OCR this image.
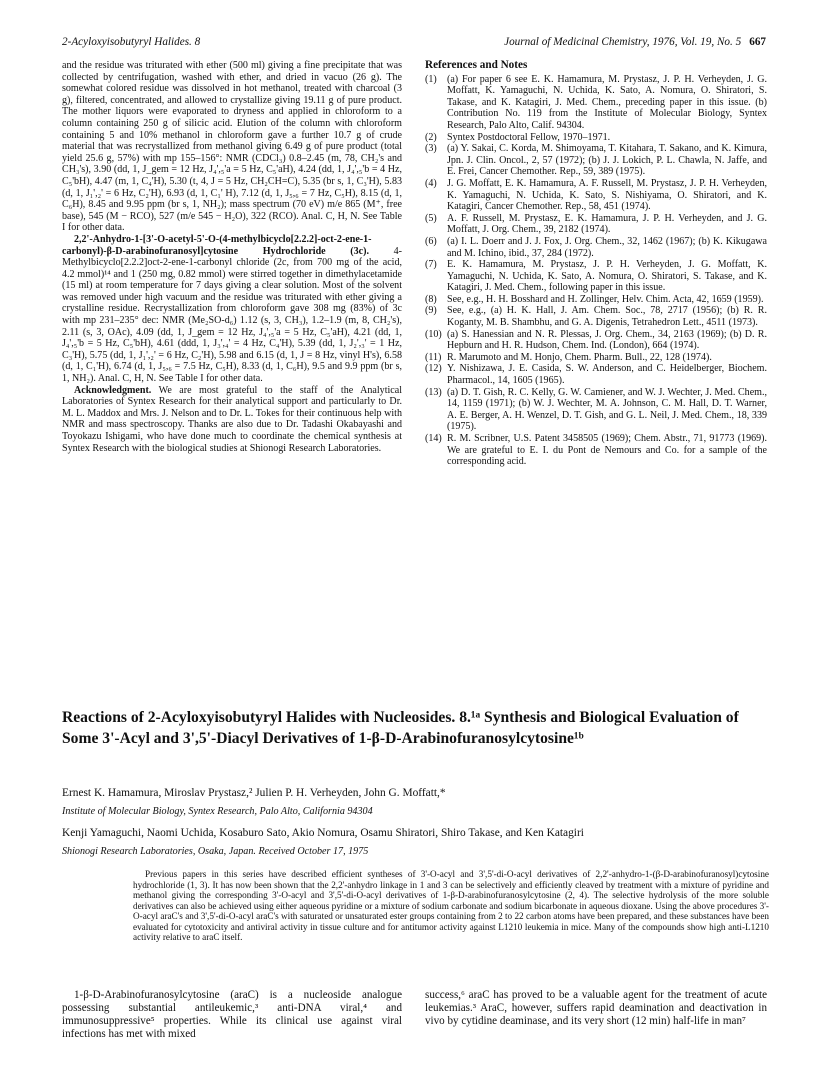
2-Acyloxyisobutyryl Halides. 8	Journal of Medicinal Chemistry, 1976, Vol. 19, No. 5 667

and the residue was triturated with ether (500 ml) giving a fine precipitate that was collected by centrifugation, washed with ether, and dried in vacuo (26 g). The somewhat colored residue was dissolved in hot methanol, treated with charcoal (3 g), filtered, concentrated, and allowed to crystallize giving 19.11 g of pure product. The mother liquors were evaporated to dryness and applied in chloroform to a column containing 250 g of silicic acid. Elution of the column with chloroform containing 5 and 10% methanol in chloroform gave a further 10.7 g of crude material that was recrystallized from methanol giving 6.49 g of pure product (total yield 25.6 g, 57%) with mp 155–156°: NMR (CDCl₃) 0.8–2.45 (m, 78, CH₂'s and CH₃'s), 3.90 (dd, 1, J_gem = 12 Hz, J₄',₅'a = 5 Hz, C₅'aH), 4.24 (dd, 1, J₄',₅'b = 4 Hz, C₅'bH), 4.47 (m, 1, C₄'H), 5.30 (t, 4, J = 5 Hz, CH₂CH=C), 5.35 (br s, 1, C₃'H), 5.83 (d, 1, J₁',₂' = 6 Hz, C₂'H), 6.93 (d, 1, C₁' H), 7.12 (d, 1, J₅,₆ = 7 Hz, C₅H), 8.15 (d, 1, C₆H), 8.45 and 9.95 ppm (br s, 1, NH₂); mass spectrum (70 eV) m/e 865 (M⁺, free base), 545 (M − RCO), 527 (m/e 545 − H₂O), 322 (RCO). Anal. C, H, N. See Table I for other data.

2,2'-Anhydro-1-[3'-O-acetyl-5'-O-(4-methylbicyclo[2.2.2]-oct-2-ene-1-carbonyl)-β-D-arabinofuranosyl]cytosine Hydrochloride (3c). 4-Methylbicyclo[2.2.2]oct-2-ene-1-carbonyl chloride (2c, from 700 mg of the acid, 4.2 mmol)¹⁴ and 1 (250 mg, 0.82 mmol) were stirred together in dimethylacetamide (15 ml) at room temperature for 7 days giving a clear solution. Most of the solvent was removed under high vacuum and the residue was triturated with ether giving a crystalline residue. Recrystallization from chloroform gave 308 mg (83%) of 3c with mp 231–235° dec: NMR (Me₂SO-d₆) 1.12 (s, 3, CH₃), 1.2–1.9 (m, 8, CH₂'s), 2.11 (s, 3, OAc), 4.09 (dd, 1, J_gem = 12 Hz, J₄',₅'a = 5 Hz, C₅'aH), 4.21 (dd, 1, J₄',₅'b = 5 Hz, C₅'bH), 4.61 (ddd, 1, J₃',₄' = 4 Hz, C₄'H), 5.39 (dd, 1, J₂',₃' = 1 Hz, C₃'H), 5.75 (dd, 1, J₁',₂' = 6 Hz, C₂'H), 5.98 and 6.15 (d, 1, J = 8 Hz, vinyl H's), 6.58 (d, 1, C₁'H), 6.74 (d, 1, J₅,₆ = 7.5 Hz, C₅H), 8.33 (d, 1, C₆H), 9.5 and 9.9 ppm (br s, 1, NH₂). Anal. C, H, N. See Table I for other data.

Acknowledgment. We are most grateful to the staff of the Analytical Laboratories of Syntex Research for their analytical support and particularly to Dr. M. L. Maddox and Mrs. J. Nelson and to Dr. L. Tokes for their continuous help with NMR and mass spectroscopy. Thanks are also due to Dr. Tadashi Okabayashi and Toyokazu Ishigami, who have done much to coordinate the chemical synthesis at Syntex Research with the biological studies at Shionogi Research Laboratories.

References and Notes
(1) (a) For paper 6 see E. K. Hamamura, M. Prystasz, J. P. H. Verheyden, J. G. Moffatt, K. Yamaguchi, N. Uchida, K. Sato, A. Nomura, O. Shiratori, S. Takase, and K. Katagiri, J. Med. Chem., preceding paper in this issue. (b) Contribution No. 119 from the Institute of Molecular Biology, Syntex Research, Palo Alto, Calif. 94304.
(2) Syntex Postdoctoral Fellow, 1970–1971.
(3) (a) Y. Sakai, C. Korda, M. Shimoyama, T. Kitahara, T. Sakano, and K. Kimura, Jpn. J. Clin. Oncol., 2, 57 (1972); (b) J. J. Lokich, P. L. Chawla, N. Jaffe, and E. Frei, Cancer Chemother. Rep., 59, 389 (1975).
(4) J. G. Moffatt, E. K. Hamamura, A. F. Russell, M. Prystasz, J. P. H. Verheyden, K. Yamaguchi, N. Uchida, K. Sato, S. Nishiyama, O. Shiratori, and K. Katagiri, Cancer Chemother. Rep., 58, 451 (1974).
(5) A. F. Russell, M. Prystasz, E. K. Hamamura, J. P. H. Verheyden, and J. G. Moffatt, J. Org. Chem., 39, 2182 (1974).
(6) (a) I. L. Doerr and J. J. Fox, J. Org. Chem., 32, 1462 (1967); (b) K. Kikugawa and M. Ichino, ibid., 37, 284 (1972).
(7) E. K. Hamamura, M. Prystasz, J. P. H. Verheyden, J. G. Moffatt, K. Yamaguchi, N. Uchida, K. Sato, A. Nomura, O. Shiratori, S. Takase, and K. Katagiri, J. Med. Chem., following paper in this issue.
(8) See, e.g., H. H. Bosshard and H. Zollinger, Helv. Chim. Acta, 42, 1659 (1959).
(9) See, e.g., (a) H. K. Hall, J. Am. Chem. Soc., 78, 2717 (1956); (b) R. R. Koganty, M. B. Shambhu, and G. A. Digenis, Tetrahedron Lett., 4511 (1973).
(10) (a) S. Hanessian and N. R. Plessas, J. Org. Chem., 34, 2163 (1969); (b) D. R. Hepburn and H. R. Hudson, Chem. Ind. (London), 664 (1974).
(11) R. Marumoto and M. Honjo, Chem. Pharm. Bull., 22, 128 (1974).
(12) Y. Nishizawa, J. E. Casida, S. W. Anderson, and C. Heidelberger, Biochem. Pharmacol., 14, 1605 (1965).
(13) (a) D. T. Gish, R. C. Kelly, G. W. Camiener, and W. J. Wechter, J. Med. Chem., 14, 1159 (1971); (b) W. J. Wechter, M. A. Johnson, C. M. Hall, D. T. Warner, A. E. Berger, A. H. Wenzel, D. T. Gish, and G. L. Neil, J. Med. Chem., 18, 339 (1975).
(14) R. M. Scribner, U.S. Patent 3458505 (1969); Chem. Abstr., 71, 91773 (1969). We are grateful to E. I. du Pont de Nemours and Co. for a sample of the corresponding acid.
Reactions of 2-Acyloxyisobutyryl Halides with Nucleosides. 8.¹ᵃ Synthesis and Biological Evaluation of Some 3'-Acyl and 3',5'-Diacyl Derivatives of 1-β-D-Arabinofuranosylcytosine¹ᵇ
Ernest K. Hamamura, Miroslav Prystasz,² Julien P. H. Verheyden, John G. Moffatt,*
Institute of Molecular Biology, Syntex Research, Palo Alto, California 94304
Kenji Yamaguchi, Naomi Uchida, Kosaburo Sato, Akio Nomura, Osamu Shiratori, Shiro Takase, and Ken Katagiri
Shionogi Research Laboratories, Osaka, Japan. Received October 17, 1975
Previous papers in this series have described efficient syntheses of 3'-O-acyl and 3',5'-di-O-acyl derivatives of 2,2'-anhydro-1-(β-D-arabinofuranosyl)cytosine hydrochloride (1, 3). It has now been shown that the 2,2'-anhydro linkage in 1 and 3 can be selectively and efficiently cleaved by treatment with a mixture of pyridine and methanol giving the corresponding 3'-O-acyl and 3',5'-di-O-acyl derivatives of 1-β-D-arabinofuranosylcytosine (2, 4). The selective hydrolysis of the more soluble derivatives can also be achieved using either aqueous pyridine or a mixture of sodium carbonate and sodium bicarbonate in aqueous dioxane. Using the above procedures 3'-O-acyl araC's and 3',5'-di-O-acyl araC's with saturated or unsaturated ester groups containing from 2 to 22 carbon atoms have been prepared, and these substances have been evaluated for cytotoxicity and antiviral activity in tissue culture and for antitumor activity against L1210 leukemia in mice. Many of the compounds show high anti-L1210 activity relative to araC itself.

1-β-D-Arabinofuranosylcytosine (araC) is a nucleoside analogue possessing substantial antileukemic,³ anti-DNA viral,⁴ and immunosuppressive⁵ properties. While its clinical use against viral infections has met with mixed

success,⁶ araC has proved to be a valuable agent for the treatment of acute leukemias.³ AraC, however, suffers rapid deamination and deactivation in vivo by cytidine deaminase, and its very short (12 min) half-life in man⁷
